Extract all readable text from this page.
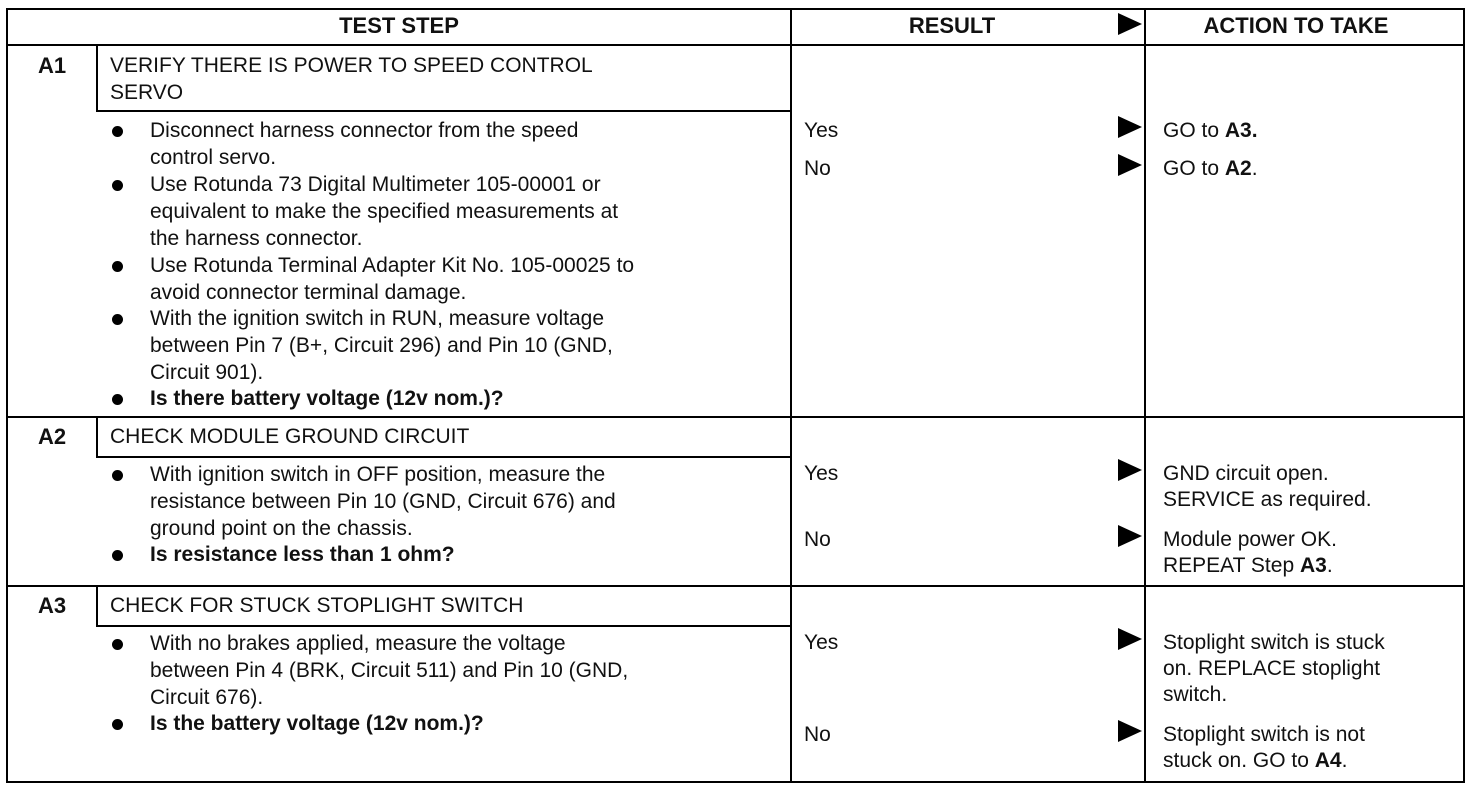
TEST STEP	RESULT	ACTION TO TAKE
A1 VERIFY THERE IS POWER TO SPEED CONTROL
SERVO
Disconnect harness connector from the speed
control servo.
Use Rotunda 73 Digital Multimeter 105-00001 or
equivalent to make the specified measurements at
the harness connector.
Use Rotunda Terminal Adapter Kit No. 105-00025 to
avoid connector terminal damage.
With the ignition switch in RUN, measure voltage
between Pin 7 (B+, Circuit 296) and Pin 10 (GND,
Circuit 901).
Is there battery voltage (12v nom.)?
Yes	GO to A3.
No	GO to A2.
A2 CHECK MODULE GROUND CIRCUIT
With ignition switch in OFF position, measure the
resistance between Pin 10 (GND, Circuit 676) and
ground point on the chassis.
Is resistance less than 1 ohm?
Yes	GND circuit open.
SERVICE as required.
No	Module power OK.
REPEAT Step A3.
A3 CHECK FOR STUCK STOPLIGHT SWITCH
With no brakes applied, measure the voltage
between Pin 4 (BRK, Circuit 511) and Pin 10 (GND,
Circuit 676).
Is the battery voltage (12v nom.)?
Yes	Stoplight switch is stuck
on. REPLACE stoplight
switch.
No	Stoplight switch is not
stuck on. GO to A4.
